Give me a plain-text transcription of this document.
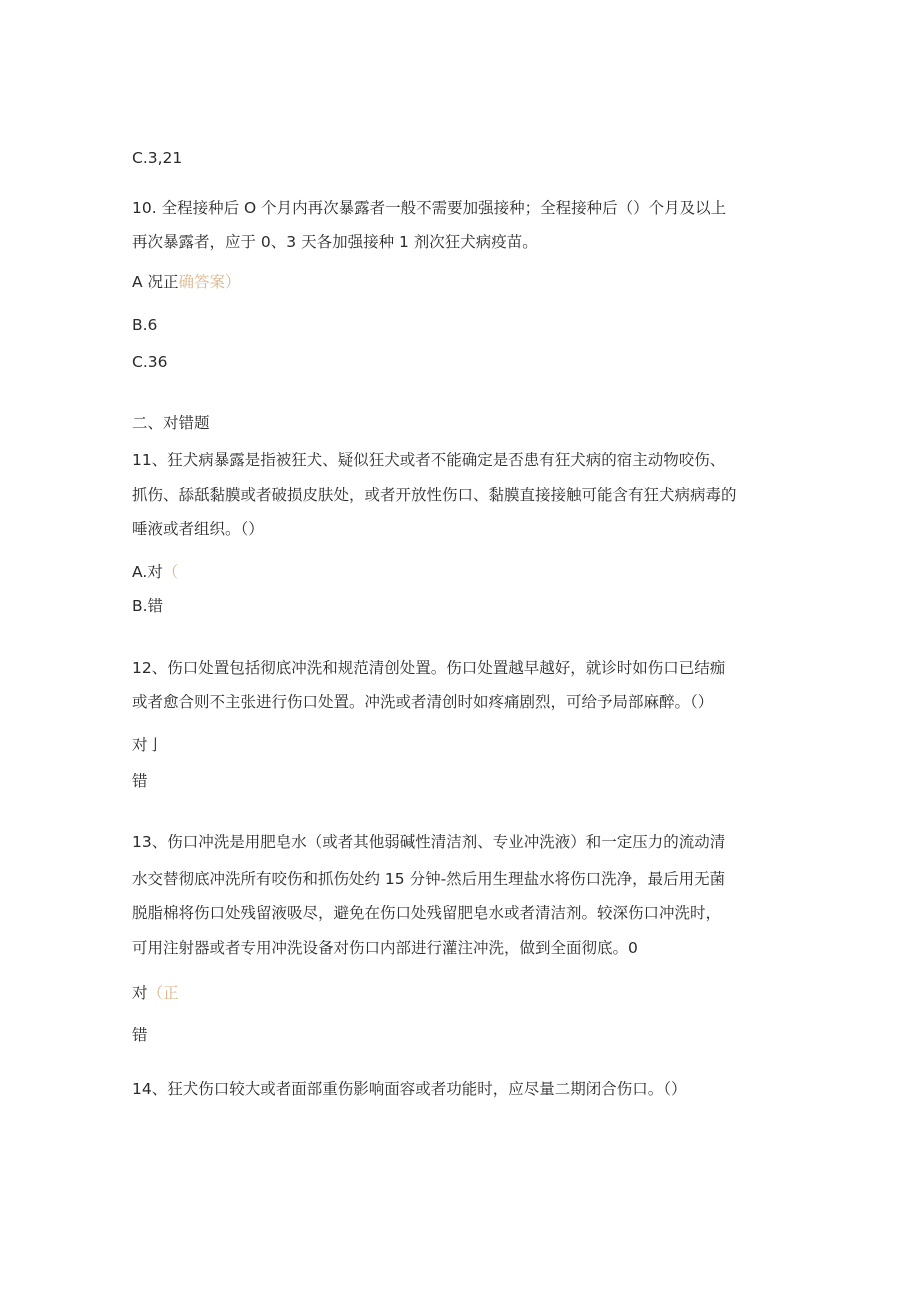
C.3,21

10. 全程接种后 O 个月内再次暴露者一般不需要加强接种；全程接种后（）个月及以上

再次暴露者，应于 0、3 天各加强接种 1 剂次狂犬病疫苗。

A 况正确答案）

B.6

C.36

二、对错题

11、狂犬病暴露是指被狂犬、疑似狂犬或者不能确定是否患有狂犬病的宿主动物咬伤、

抓伤、舔舐黏膜或者破损皮肤处，或者开放性伤口、黏膜直接接触可能含有狂犬病病毒的

唾液或者组织。（）

A.对（

B.错

12、伤口处置包括彻底冲洗和规范清创处置。伤口处置越早越好，就诊时如伤口已结痂

或者愈合则不主张进行伤口处置。冲洗或者清创时如疼痛剧烈，可给予局部麻醉。（）

对亅

错

13、伤口冲洗是用肥皂水（或者其他弱碱性清洁剂、专业冲洗液）和一定压力的流动清

水交替彻底冲洗所有咬伤和抓伤处约 15 分钟-然后用生理盐水将伤口洗净，最后用无菌

脱脂棉将伤口处残留液吸尽，避免在伤口处残留肥皂水或者清洁剂。较深伤口冲洗时，

可用注射器或者专用冲洗设备对伤口内部进行灌注冲洗，做到全面彻底。0

对（正

错

14、狂犬伤口较大或者面部重伤影响面容或者功能时，应尽量二期闭合伤口。（）
